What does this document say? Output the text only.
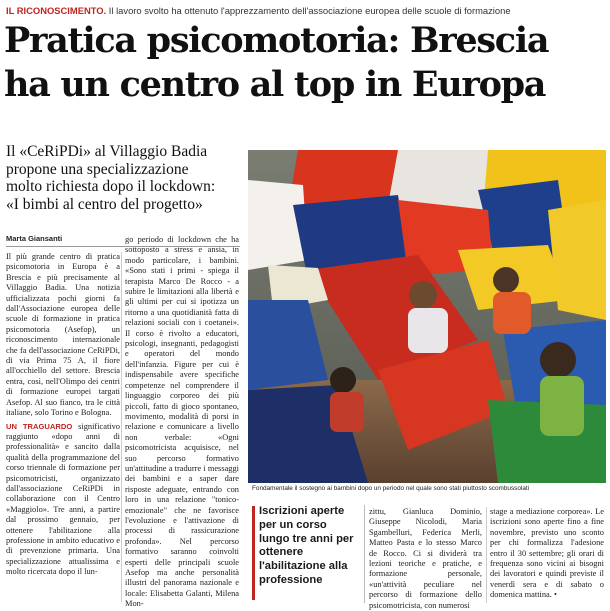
IL RICONOSCIMENTO. Il lavoro svolto ha ottenuto l'apprezzamento dell'associazione europea delle scuole di formazione
Pratica psicomotoria: Brescia
ha un centro al top in Europa
Il «CeRiPDi» al Villaggio Badia
propone una specializzazione
molto richiesta dopo il lockdown:
«I bimbi al centro del progetto»
Marta Giansanti

Il più grande centro di pratica psicomotoria in Europa è a Brescia e più precisamente al Villaggio Badia. Una notizia ufficializzata pochi giorni fa dall'Associazione europea delle scuole di formazione in pratica psicomotoria (Asefop), un riconoscimento internazionale che fa dell'associazione CeRiPDi, di via Prima 75 A, il fiore all'occhiello del settore. Brescia entra, così, nell'Olimpo dei centri di formazione europei targati Asefop. Al suo fianco, tra le città italiane, solo Torino e Bologna.

UN TRAGUARDO significativo raggiunto «dopo anni di professionalità» e sancito dalla qualità della programmazione del corso triennale di formazione per psicomotricisti, organizzato dall'associazione CeRiPDi in collaborazione con il Centro «Maggiolo». Tre anni, a partire dal prossimo gennaio, per ottenere l'abilitazione alla professione in ambito educativo e di prevenzione primaria. Una specializzazione attualissima e molto ricercata dopo il lun-

go periodo di lockdown che ha sottoposto a stress e ansia, in modo particolare, i bambini. «Sono stati i primi - spiega il terapista Marco De Rocco - a subire le limitazioni alla libertà e gli ultimi per cui si ipotizza un ritorno a una quotidianità fatta di relazioni sociali con i coetanei». Il corso è rivolto a educatori, psicologi, insegnanti, pedagogisti e operatori del mondo dell'infanzia. Figure per cui è indispensabile avere specifiche competenze nel comprendere il linguaggio corporeo dei più piccoli, fatto di gioco spontaneo, movimento, modalità di porsi in relazione e comunicare a livello non verbale: «Ogni psicomotricista acquisisce, nel suo percorso formativo un'attitudine a tradurre i messaggi dei bambini e a saper dare risposte adeguate, entrando con loro in una relazione "tonico-emozionale" che ne favorisce l'evoluzione e l'attivazione di processi di rassicurazione profonda». Nel percorso formativo saranno coinvolti esperti delle principali scuole Asefop ma anche personalità illustri del panorama nazionale e locale: Elisabetta Galanti, Milena Mon-

Fondamentale il sostegno ai bambini dopo un periodo nel quale sono stati piuttosto scombussolati
Iscrizioni aperte per un corso lungo tre anni per ottenere l'abilitazione alla professione

zittu, Gianluca Dominio, Giuseppe Nicolodi, Maria Sgambelluri, Federica Merli, Matteo Pasta e lo stesso Marco de Rocco. Ci si dividerà tra lezioni teoriche e pratiche, e formazione personale, «un'attività peculiare nel percorso di formazione dello psicomotricista, con numerosi

stage a mediazione corporea». Le iscrizioni sono aperte fino a fine novembre, previsto uno sconto per chi formalizza l'adesione entro il 30 settembre; gli orari di frequenza sono vicini ai bisogni dei lavoratori e quindi previste il venerdì sera e di sabato o domenica mattina. •
